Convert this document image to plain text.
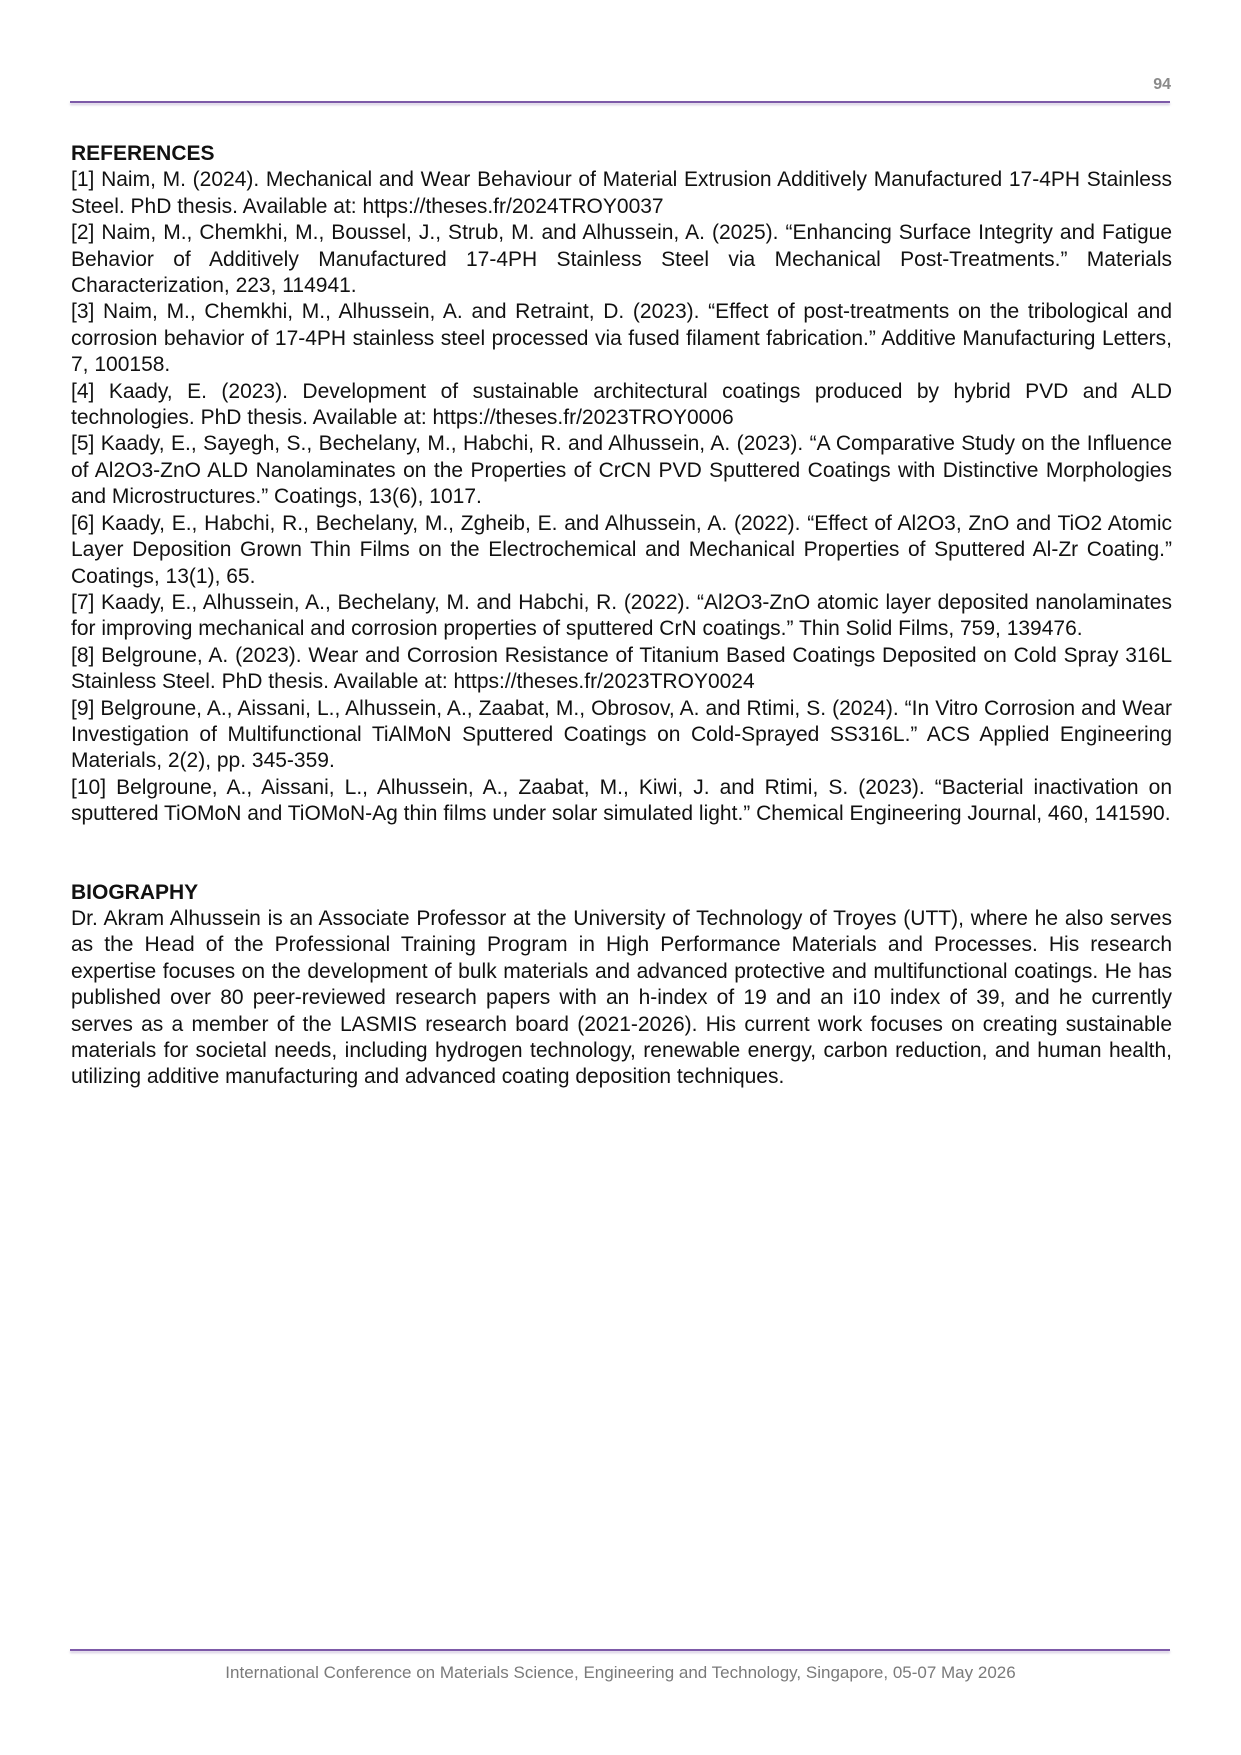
94
REFERENCES
[1] Naim, M. (2024). Mechanical and Wear Behaviour of Material Extrusion Additively Manufactured 17-4PH Stainless Steel. PhD thesis. Available at: https://theses.fr/2024TROY0037
[2] Naim, M., Chemkhi, M., Boussel, J., Strub, M. and Alhussein, A. (2025). “Enhancing Surface Integrity and Fatigue Behavior of Additively Manufactured 17-4PH Stainless Steel via Mechanical Post-Treatments.” Materials Characterization, 223, 114941.
[3] Naim, M., Chemkhi, M., Alhussein, A. and Retraint, D. (2023). “Effect of post-treatments on the tribological and corrosion behavior of 17-4PH stainless steel processed via fused filament fabrication.” Additive Manufacturing Letters, 7, 100158.
[4] Kaady, E. (2023). Development of sustainable architectural coatings produced by hybrid PVD and ALD technologies. PhD thesis. Available at: https://theses.fr/2023TROY0006
[5] Kaady, E., Sayegh, S., Bechelany, M., Habchi, R. and Alhussein, A. (2023). “A Comparative Study on the Influence of Al2O3-ZnO ALD Nanolaminates on the Properties of CrCN PVD Sputtered Coatings with Distinctive Morphologies and Microstructures.” Coatings, 13(6), 1017.
[6] Kaady, E., Habchi, R., Bechelany, M., Zgheib, E. and Alhussein, A. (2022). “Effect of Al2O3, ZnO and TiO2 Atomic Layer Deposition Grown Thin Films on the Electrochemical and Mechanical Properties of Sputtered Al-Zr Coating.” Coatings, 13(1), 65.
[7] Kaady, E., Alhussein, A., Bechelany, M. and Habchi, R. (2022). “Al2O3-ZnO atomic layer deposited nanolaminates for improving mechanical and corrosion properties of sputtered CrN coatings.” Thin Solid Films, 759, 139476.
[8] Belgroune, A. (2023). Wear and Corrosion Resistance of Titanium Based Coatings Deposited on Cold Spray 316L Stainless Steel. PhD thesis. Available at: https://theses.fr/2023TROY0024
[9] Belgroune, A., Aissani, L., Alhussein, A., Zaabat, M., Obrosov, A. and Rtimi, S. (2024). “In Vitro Corrosion and Wear Investigation of Multifunctional TiAlMoN Sputtered Coatings on Cold-Sprayed SS316L.” ACS Applied Engineering Materials, 2(2), pp. 345-359.
[10] Belgroune, A., Aissani, L., Alhussein, A., Zaabat, M., Kiwi, J. and Rtimi, S. (2023). “Bacterial inactivation on sputtered TiOMoN and TiOMoN-Ag thin films under solar simulated light.” Chemical Engineering Journal, 460, 141590.
BIOGRAPHY

Dr. Akram Alhussein is an Associate Professor at the University of Technology of Troyes (UTT), where he also serves as the Head of the Professional Training Program in High Performance Materials and Processes. His research expertise focuses on the development of bulk materials and advanced protective and multifunctional coatings. He has published over 80 peer-reviewed research papers with an h-index of 19 and an i10 index of 39, and he currently serves as a member of the LASMIS research board (2021-2026). His current work focuses on creating sustainable materials for societal needs, including hydrogen technology, renewable energy, carbon reduction, and human health, utilizing additive manufacturing and advanced coating deposition techniques.

International Conference on Materials Science, Engineering and Technology, Singapore, 05-07 May 2026
